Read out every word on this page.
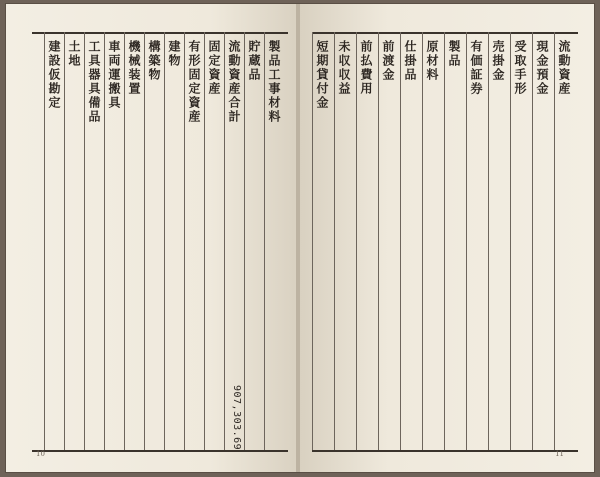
製品工事材料
貯蔵品
流動資産合計
907,303.69
固定資産
有形固定資産
建物
構築物
機械装置
車両運搬具
工具器具備品
土地
建設仮勘定
10
流動資産
現金預金
受取手形
売掛金
有価証券
製品
原材料
仕掛品
前渡金
前払費用
未収収益
短期貸付金
11
